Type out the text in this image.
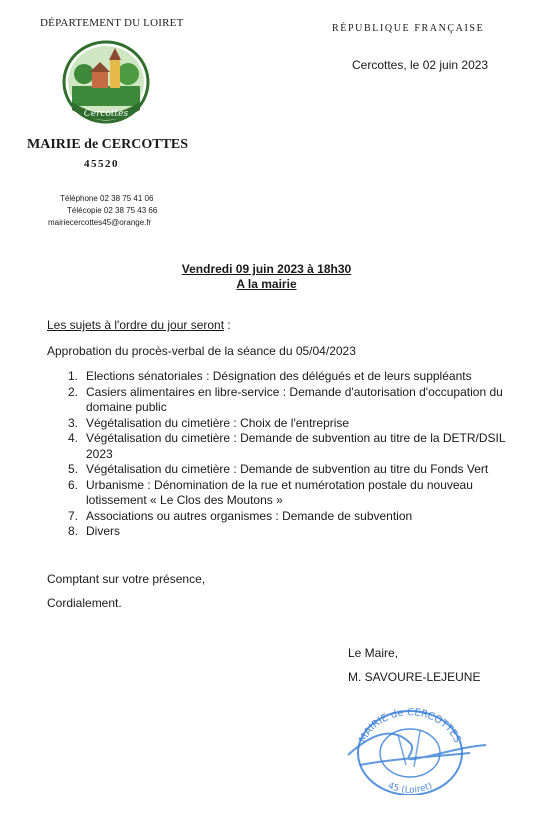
DÉPARTEMENT DU LOIRET	RÉPUBLIQUE FRANÇAISE
Cercottes
Cercottes, le 02 juin 2023
MAIRIE de CERCOTTES
45520
Téléphone 02 38 75 41 06
Télécopie 02 38 75 43 66
mairiecercottes45@orange.fr
Vendredi 09 juin 2023 à 18h30
A la mairie
Les sujets à l'ordre du jour seront :
Approbation du procès-verbal de la séance du 05/04/2023
1. Elections sénatoriales : Désignation des délégués et de leurs suppléants
2. Casiers alimentaires en libre-service : Demande d'autorisation d'occupation du domaine public
3. Végétalisation du cimetière : Choix de l'entreprise
4. Végétalisation du cimetière : Demande de subvention au titre de la DETR/DSIL 2023
5. Végétalisation du cimetière : Demande de subvention au titre du Fonds Vert
6. Urbanisme : Dénomination de la rue et numérotation postale du nouveau lotissement « Le Clos des Moutons »
7. Associations ou autres organismes : Demande de subvention
8. Divers
Comptant sur votre présence,
Cordialement.
Le Maire,
M. SAVOURE-LEJEUNE
MAIRIE de CERCOTTES
45 (Loiret)
